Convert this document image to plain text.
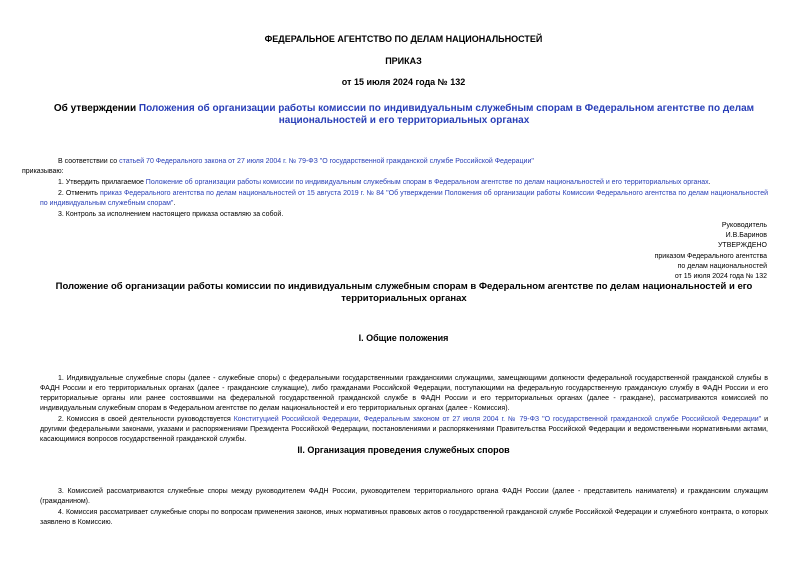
ФЕДЕРАЛЬНОЕ АГЕНТСТВО ПО ДЕЛАМ НАЦИОНАЛЬНОСТЕЙ
ПРИКАЗ
от 15 июля 2024 года № 132
Об утверждении Положения об организации работы комиссии по индивидуальным служебным спорам в Федеральном агентстве по делам национальностей и его территориальных органах
В соответствии со статьей 70 Федерального закона от 27 июля 2004 г. № 79-ФЗ "О государственной гражданской службе Российской Федерации"
приказываю:
1. Утвердить прилагаемое Положение об организации работы комиссии по индивидуальным служебным спорам в Федеральном агентстве по делам национальностей и его территориальных органах.
2. Отменить приказ Федерального агентства по делам национальностей от 15 августа 2019 г. № 84 "Об утверждении Положения об организации работы Комиссии Федерального агентства по делам национальностей по индивидуальным служебным спорам".
3. Контроль за исполнением настоящего приказа оставляю за собой.
Руководитель
И.В.Баринов
УТВЕРЖДЕНО
приказом Федерального агентства
по делам национальностей
от 15 июля 2024 года № 132
Положение об организации работы комиссии по индивидуальным служебным спорам в Федеральном агентстве по делам национальностей и его территориальных органах
I. Общие положения
1. Индивидуальные служебные споры (далее - служебные споры) с федеральными государственными гражданскими служащими, замещающими должности федеральной государственной гражданской службы в ФАДН России и его территориальных органах (далее - гражданские служащие), либо гражданами Российской Федерации, поступающими на федеральную государственную гражданскую службу в ФАДН России и его территориальные органы или ранее состоявшими на федеральной государственной гражданской службе в ФАДН России и его территориальных органах (далее - граждане), рассматриваются комиссией по индивидуальным служебным спорам в Федеральном агентстве по делам национальностей и его территориальных органах (далее - Комиссия).
2. Комиссия в своей деятельности руководствуется Конституцией Российской Федерации, Федеральным законом от 27 июля 2004 г. № 79-ФЗ "О государственной гражданской службе Российской Федерации" и другими федеральными законами, указами и распоряжениями Президента Российской Федерации, постановлениями и распоряжениями Правительства Российской Федерации и ведомственными нормативными актами, касающимися вопросов государственной гражданской службы.
II. Организация проведения служебных споров
3. Комиссией рассматриваются служебные споры между руководителем ФАДН России, руководителем территориального органа ФАДН России (далее - представитель нанимателя) и гражданским служащим (гражданином).
4. Комиссия рассматривает служебные споры по вопросам применения законов, иных нормативных правовых актов о государственной гражданской службе Российской Федерации и служебного контракта, о которых заявлено в Комиссию.
